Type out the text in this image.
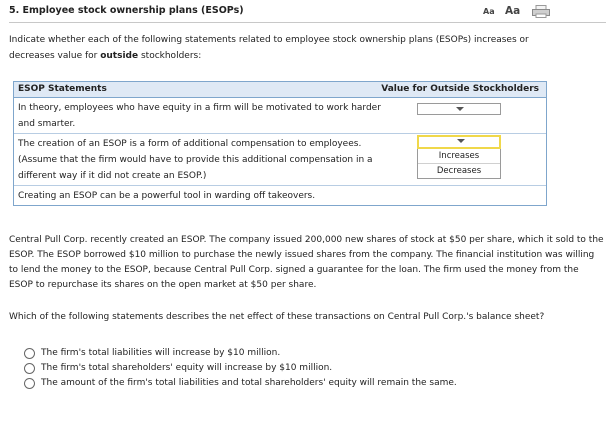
5. Employee stock ownership plans (ESOPs)	Aa Aa
Indicate whether each of the following statements related to employee stock ownership plans (ESOPs) increases or decreases value for outside stockholders:
ESOP Statements	Value for Outside Stockholders
In theory, employees who have equity in a firm will be motivated to work harder and smarter.
The creation of an ESOP is a form of additional compensation to employees. (Assume that the firm would have to provide this additional compensation in a different way if it did not create an ESOP.)
Increases
Decreases
Creating an ESOP can be a powerful tool in warding off takeovers.
Central Pull Corp. recently created an ESOP. The company issued 200,000 new shares of stock at $50 per share, which it sold to the ESOP. The ESOP borrowed $10 million to purchase the newly issued shares from the company. The financial institution was willing to lend the money to the ESOP, because Central Pull Corp. signed a guarantee for the loan. The firm used the money from the ESOP to repurchase its shares on the open market at $50 per share.
Which of the following statements describes the net effect of these transactions on Central Pull Corp.'s balance sheet?
The firm's total liabilities will increase by $10 million.
The firm's total shareholders' equity will increase by $10 million.
The amount of the firm's total liabilities and total shareholders' equity will remain the same.
